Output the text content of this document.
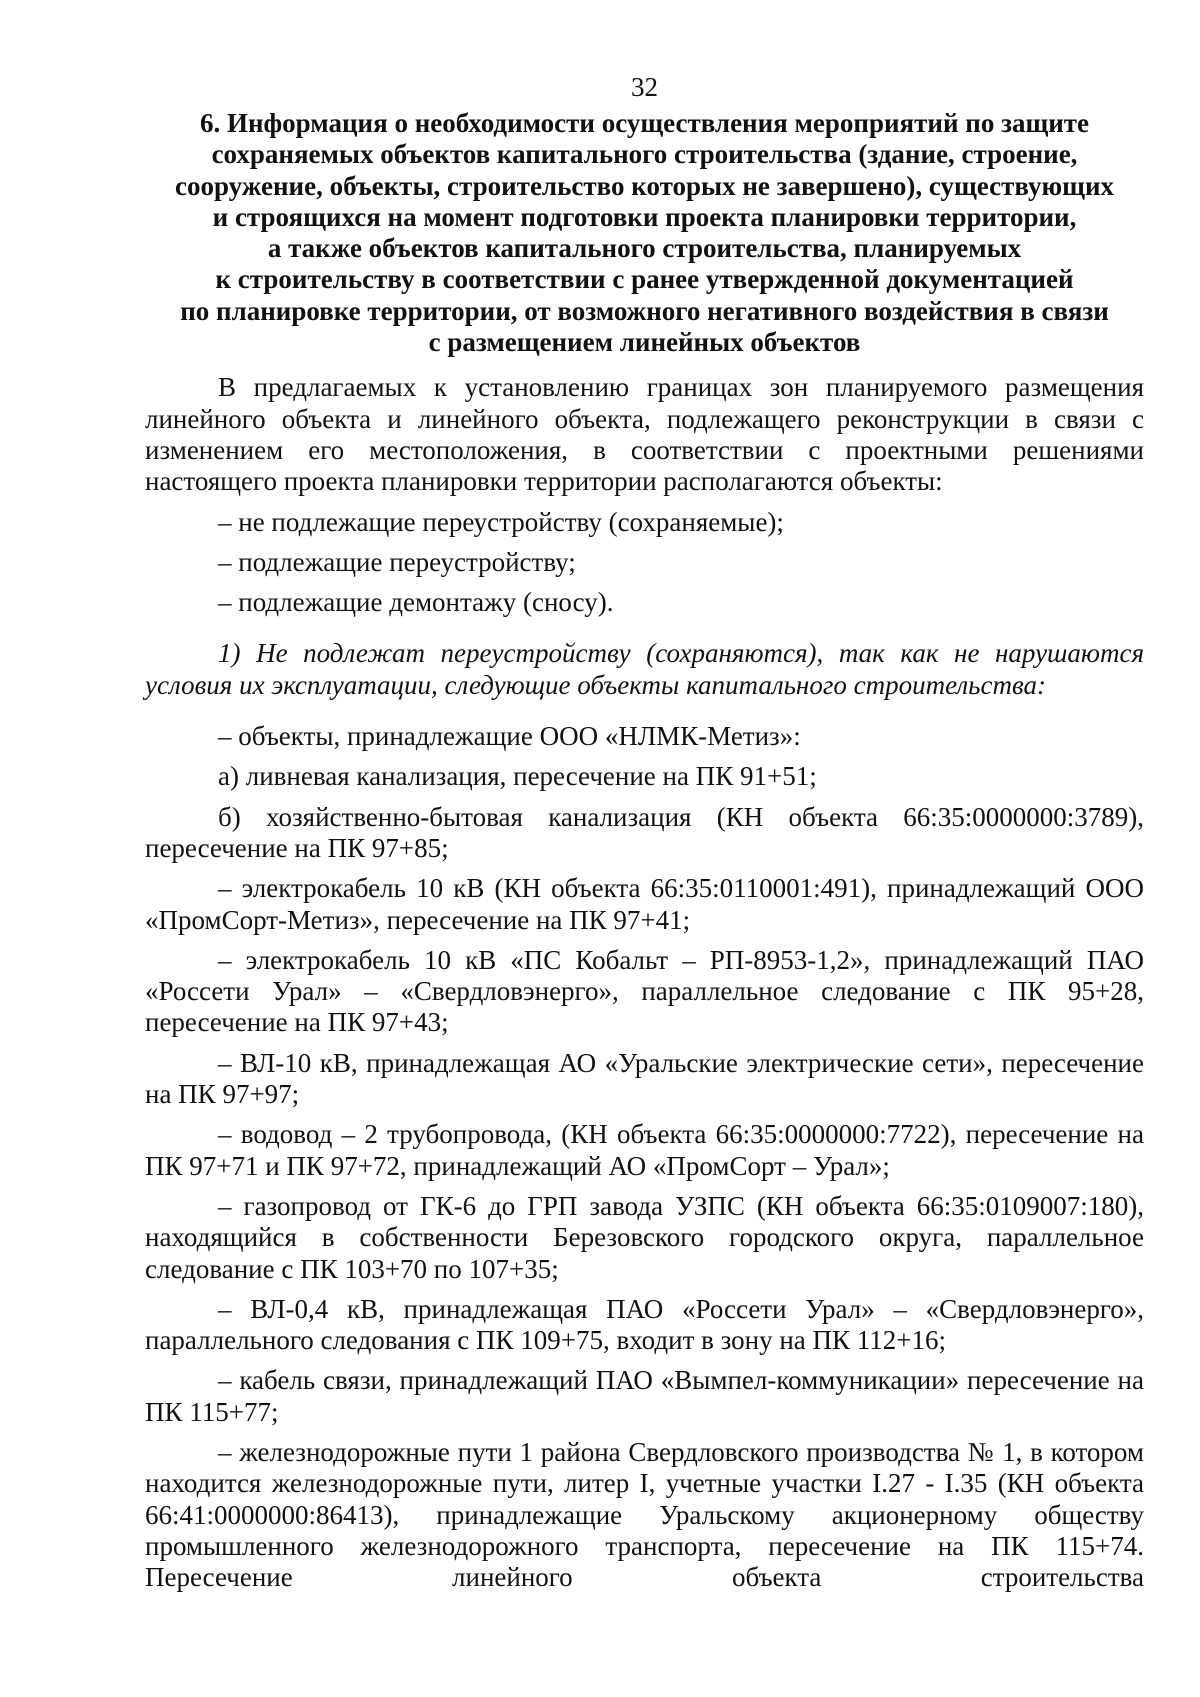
32
6. Информация о необходимости осуществления мероприятий по защите
сохраняемых объектов капитального строительства (здание, строение,
сооружение, объекты, строительство которых не завершено), существующих
и строящихся на момент подготовки проекта планировки территории,
а также объектов капитального строительства, планируемых
к строительству в соответствии с ранее утвержденной документацией
по планировке территории, от возможного негативного воздействия в связи
с размещением линейных объектов

В предлагаемых к установлению границах зон планируемого размещения линейного объекта и линейного объекта, подлежащего реконструкции в связи с изменением его местоположения, в соответствии с проектными решениями настоящего проекта планировки территории располагаются объекты:

– не подлежащие переустройству (сохраняемые);

– подлежащие переустройству;

– подлежащие демонтажу (сносу).

1) Не подлежат переустройству (сохраняются), так как не нарушаются условия их эксплуатации, следующие объекты капитального строительства:

– объекты, принадлежащие ООО «НЛМК-Метиз»:

а) ливневая канализация, пересечение на ПК 91+51;

б) хозяйственно-бытовая канализация (КН объекта 66:35:0000000:3789), пересечение на ПК 97+85;

– электрокабель 10 кВ (КН объекта 66:35:0110001:491), принадлежащий ООО «ПромСорт-Метиз», пересечение на ПК 97+41;

– электрокабель 10 кВ «ПС Кобальт – РП-8953-1,2», принадлежащий ПАО «Россети Урал» – «Свердловэнерго», параллельное следование с ПК 95+28, пересечение на ПК 97+43;

– ВЛ-10 кВ, принадлежащая АО «Уральские электрические сети», пересечение на ПК 97+97;

– водовод – 2 трубопровода, (КН объекта 66:35:0000000:7722), пересечение на ПК 97+71 и ПК 97+72, принадлежащий АО «ПромСорт – Урал»;

– газопровод от ГК-6 до ГРП завода УЗПС (КН объекта 66:35:0109007:180), находящийся в собственности Березовского городского округа, параллельное следование с ПК 103+70 по 107+35;

– ВЛ-0,4 кВ, принадлежащая ПАО «Россети Урал» – «Свердловэнерго», параллельного следования с ПК 109+75, входит в зону на ПК 112+16;

– кабель связи, принадлежащий ПАО «Вымпел-коммуникации» пересечение на ПК 115+77;

– железнодорожные пути 1 района Свердловского производства № 1, в котором находится железнодорожные пути, литер I, учетные участки I.27 - I.35 (КН объекта 66:41:0000000:86413), принадлежащие Уральскому акционерному обществу промышленного железнодорожного транспорта, пересечение на ПК 115+74. Пересечение линейного объекта строительства
